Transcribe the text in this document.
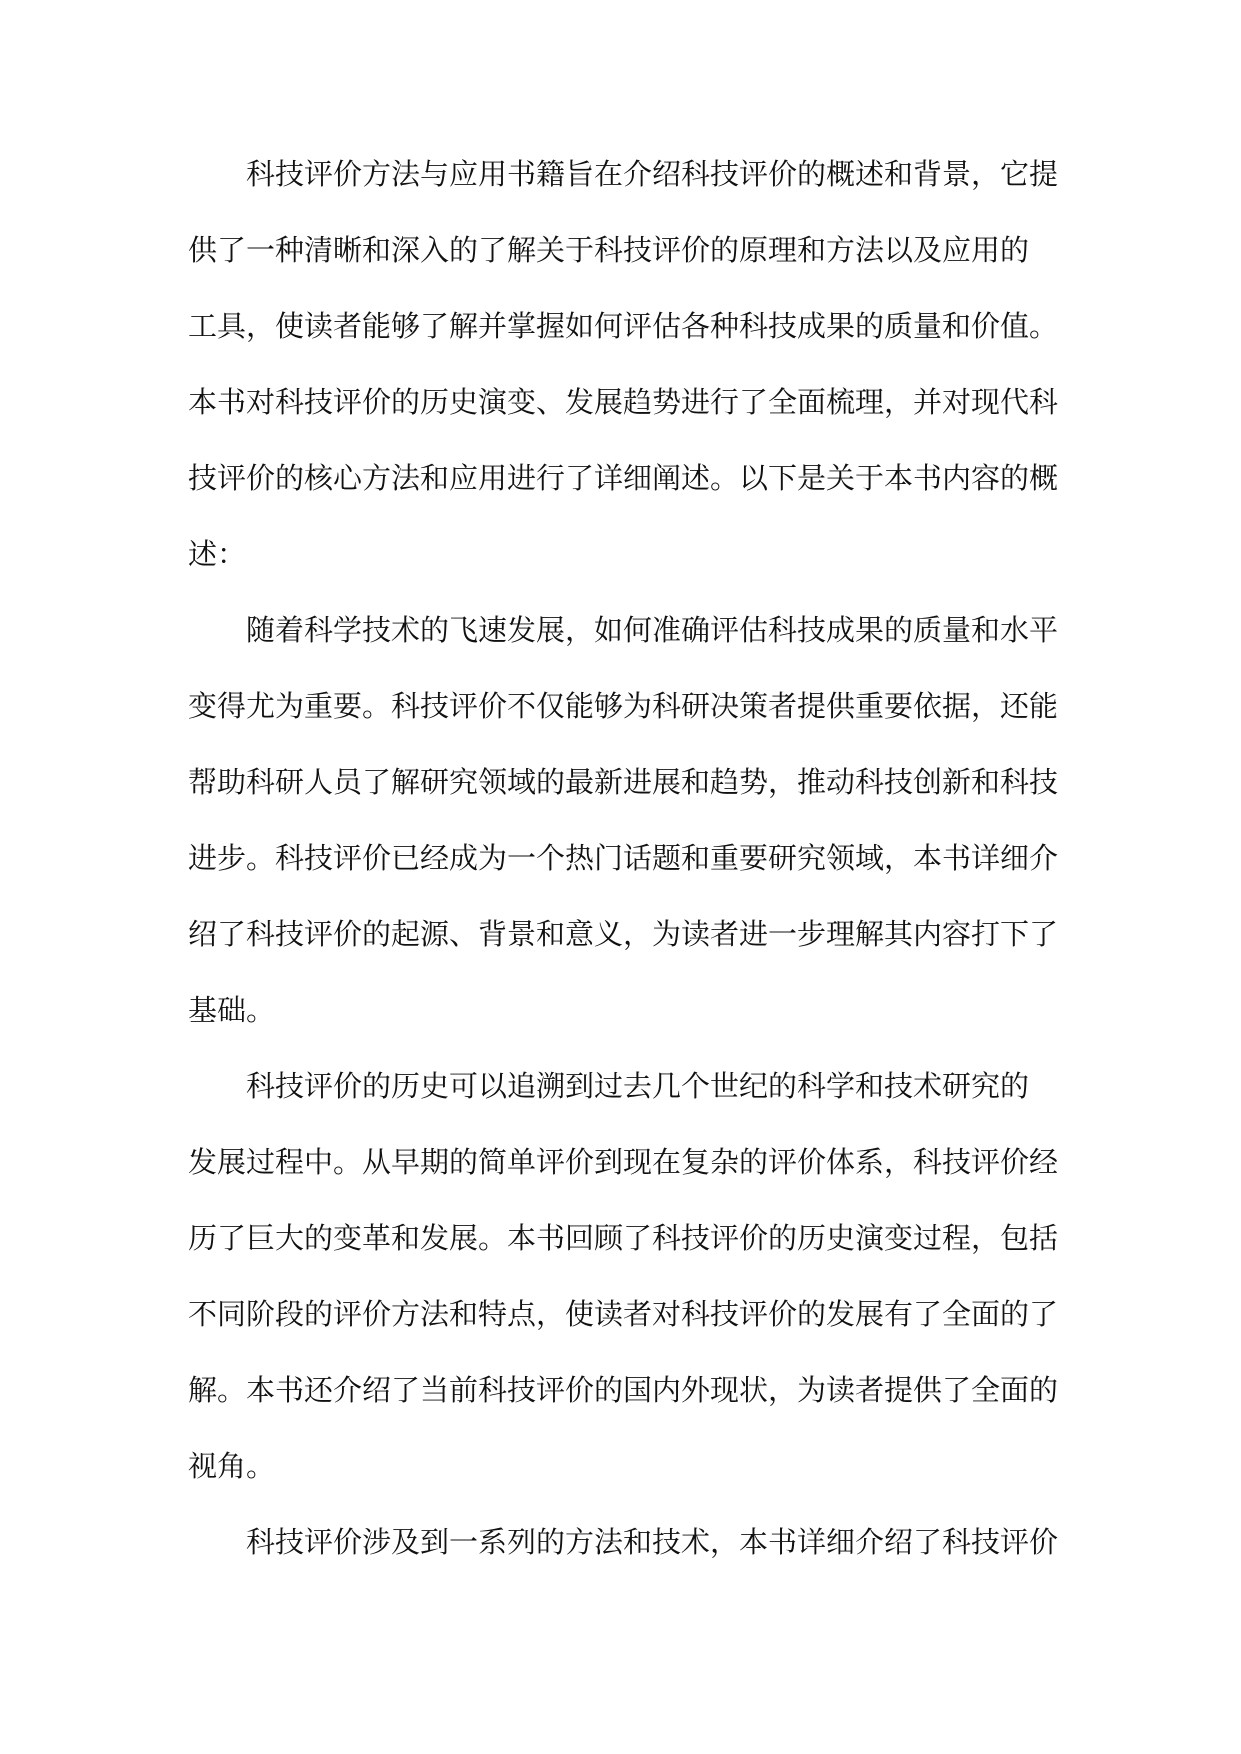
科技评价方法与应用书籍旨在介绍科技评价的概述和背景，它提
供了一种清晰和深入的了解关于科技评价的原理和方法以及应用的
工具，使读者能够了解并掌握如何评估各种科技成果的质量和价值。
本书对科技评价的历史演变、发展趋势进行了全面梳理，并对现代科
技评价的核心方法和应用进行了详细阐述。以下是关于本书内容的概
述：

随着科学技术的飞速发展，如何准确评估科技成果的质量和水平
变得尤为重要。科技评价不仅能够为科研决策者提供重要依据，还能
帮助科研人员了解研究领域的最新进展和趋势，推动科技创新和科技
进步。科技评价已经成为一个热门话题和重要研究领域，本书详细介
绍了科技评价的起源、背景和意义，为读者进一步理解其内容打下了
基础。

科技评价的历史可以追溯到过去几个世纪的科学和技术研究的
发展过程中。从早期的简单评价到现在复杂的评价体系，科技评价经
历了巨大的变革和发展。本书回顾了科技评价的历史演变过程，包括
不同阶段的评价方法和特点，使读者对科技评价的发展有了全面的了
解。本书还介绍了当前科技评价的国内外现状，为读者提供了全面的
视角。

科技评价涉及到一系列的方法和技术，本书详细介绍了科技评价
